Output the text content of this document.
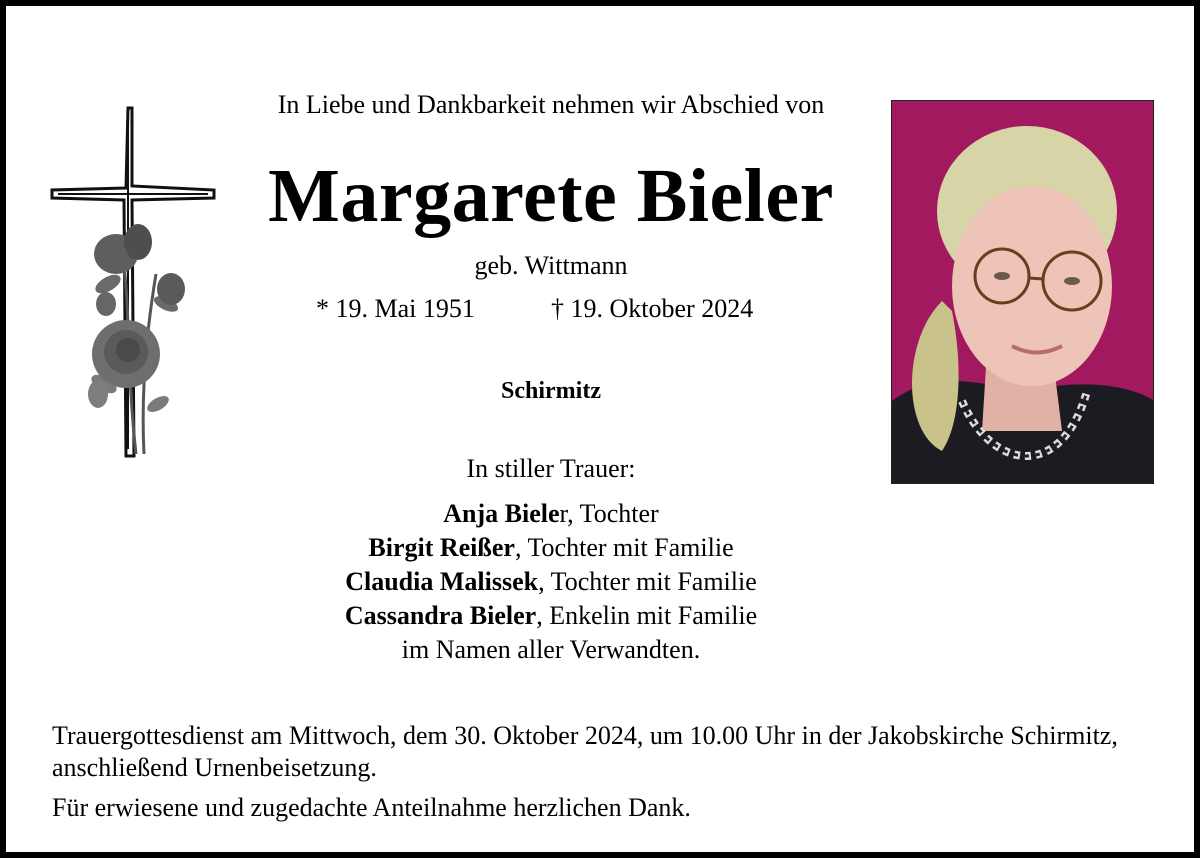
In Liebe und Dankbarkeit nehmen wir Abschied von
Margarete Bieler
geb. Wittmann
* 19. Mai 1951	† 19. Oktober 2024
Schirmitz
In stiller Trauer:
Anja Bieler, Tochter
Birgit Reißer, Tochter mit Familie
Claudia Malissek, Tochter mit Familie
Cassandra Bieler, Enkelin mit Familie
im Namen aller Verwandten.
Trauergottesdienst am Mittwoch, dem 30. Oktober 2024, um 10.00 Uhr in der Jakobskirche Schirmitz, anschließend Urnenbeisetzung.
Für erwiesene und zugedachte Anteilnahme herzlichen Dank.
